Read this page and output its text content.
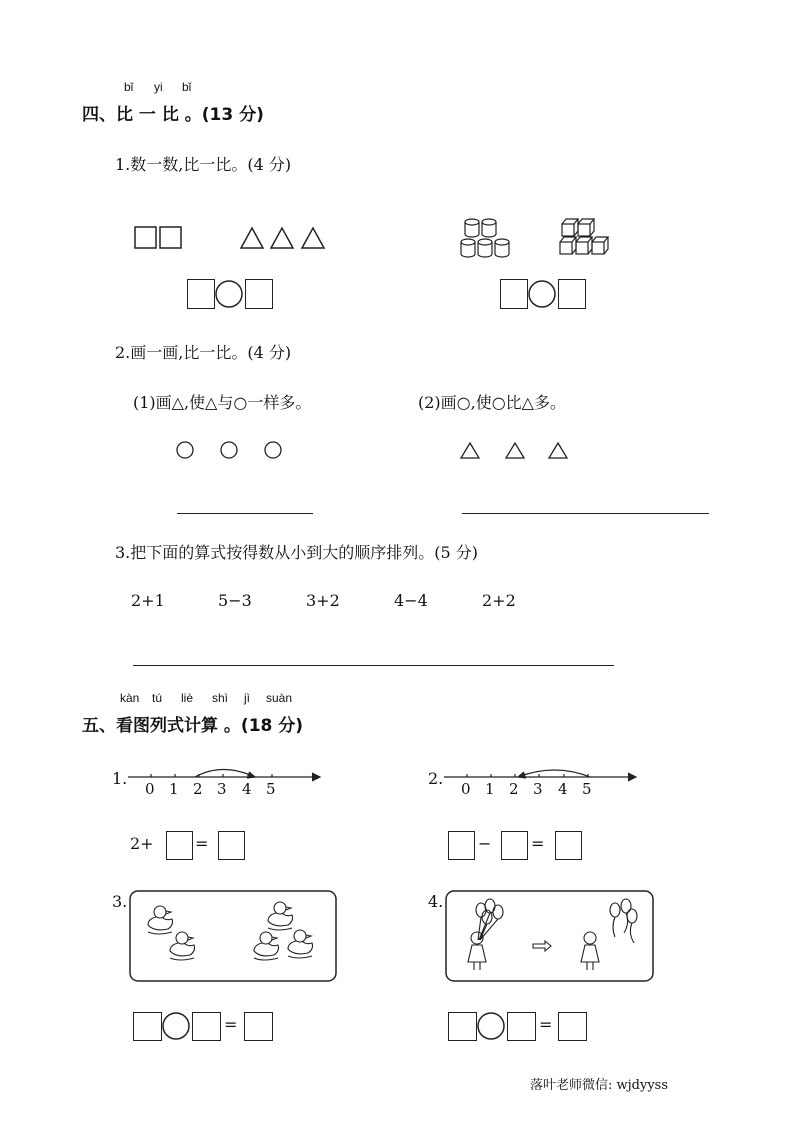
bǐ yi bǐ
四、比 一 比 。(13 分)
1.数一数,比一比。(4 分)
2.画一画,比一比。(4 分)
(1)画△,使△与○一样多。	(2)画○,使○比△多。
3.把下面的算式按得数从小到大的顺序排列。(5 分)
2+1	5−3	3+2	4−4	2+2
kàn tú liè shì jì suàn
五、看图列式计算 。(18 分)
1.	2.
0 1 2 3 4 5	0 1 2 3 4 5
2+	=	− =
3.	4.
=	=
落叶老师微信: wjdyyss
